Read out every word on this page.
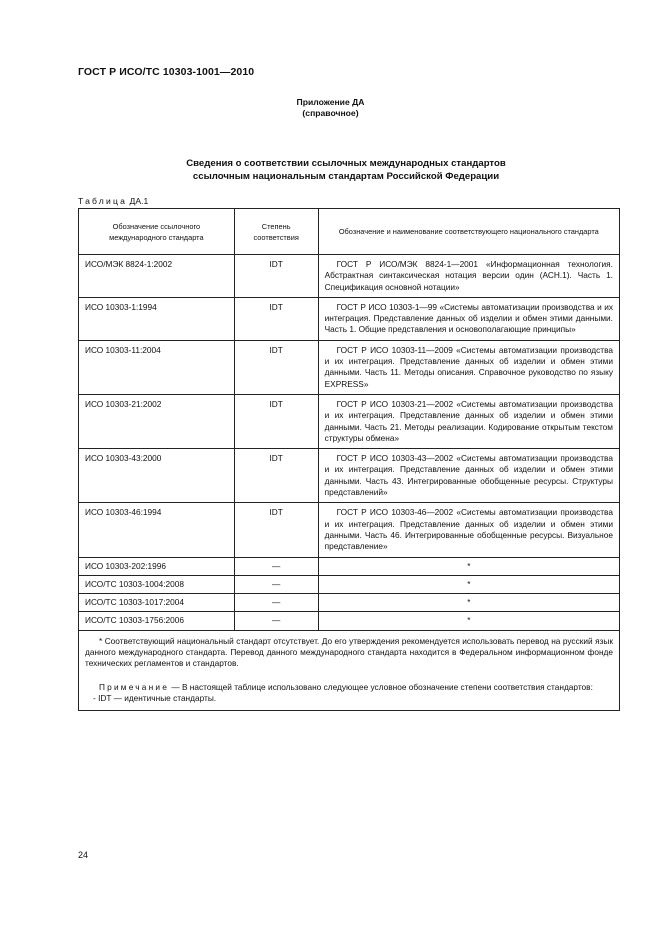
ГОСТ Р ИСО/ТС 10303-1001—2010
Приложение ДА
(справочное)
Сведения о соответствии ссылочных международных стандартов
ссылочным национальным стандартам Российской Федерации
Таблица ДА.1
Обозначение ссылочного международного стандарта	Степень соответствия	Обозначение и наименование соответствующего национального стандарта
ИСО/МЭК 8824-1:2002	IDT	ГОСТ Р ИСО/МЭК 8824-1—2001 «Информационная технология. Абстрактная синтаксическая нотация версии один (АСН.1). Часть 1. Спецификация основной нотации»
ИСО 10303-1:1994	IDT	ГОСТ Р ИСО 10303-1—99 «Системы автоматизации производства и их интеграция. Представление данных об изделии и обмен этими данными. Часть 1. Общие представления и основополагающие принципы»
ИСО 10303-11:2004	IDT	ГОСТ Р ИСО 10303-11—2009 «Системы автоматизации производства и их интеграция. Представление данных об изделии и обмен этими данными. Часть 11. Методы описания. Справочное руководство по языку EXPRESS»
ИСО 10303-21:2002	IDT	ГОСТ Р ИСО 10303-21—2002 «Системы автоматизации производства и их интеграция. Представление данных об изделии и обмен этими данными. Часть 21. Методы реализации. Кодирование открытым текстом структуры обмена»
ИСО 10303-43:2000	IDT	ГОСТ Р ИСО 10303-43—2002 «Системы автоматизации производства и их интеграция. Представление данных об изделии и обмен этими данными. Часть 43. Интегрированные обобщенные ресурсы. Структуры представлений»
ИСО 10303-46:1994	IDT	ГОСТ Р ИСО 10303-46—2002 «Системы автоматизации производства и их интеграция. Представление данных об изделии и обмен этими данными. Часть 46. Интегрированные обобщенные ресурсы. Визуальное представление»
ИСО 10303-202:1996	—	*
ИСО/ТС 10303-1004:2008	—	*
ИСО/ТС 10303-1017:2004	—	*
ИСО/ТС 10303-1756:2006	—	*

* Соответствующий национальный стандарт отсутствует. До его утверждения рекомендуется использовать перевод на русский язык данного международного стандарта. Перевод данного международного стандарта находится в Федеральном информационном фонде технических регламентов и стандартов.

Примечание — В настоящей таблице использовано следующее условное обозначение степени соответствия стандартов:

- IDT — идентичные стандарты.		

24
